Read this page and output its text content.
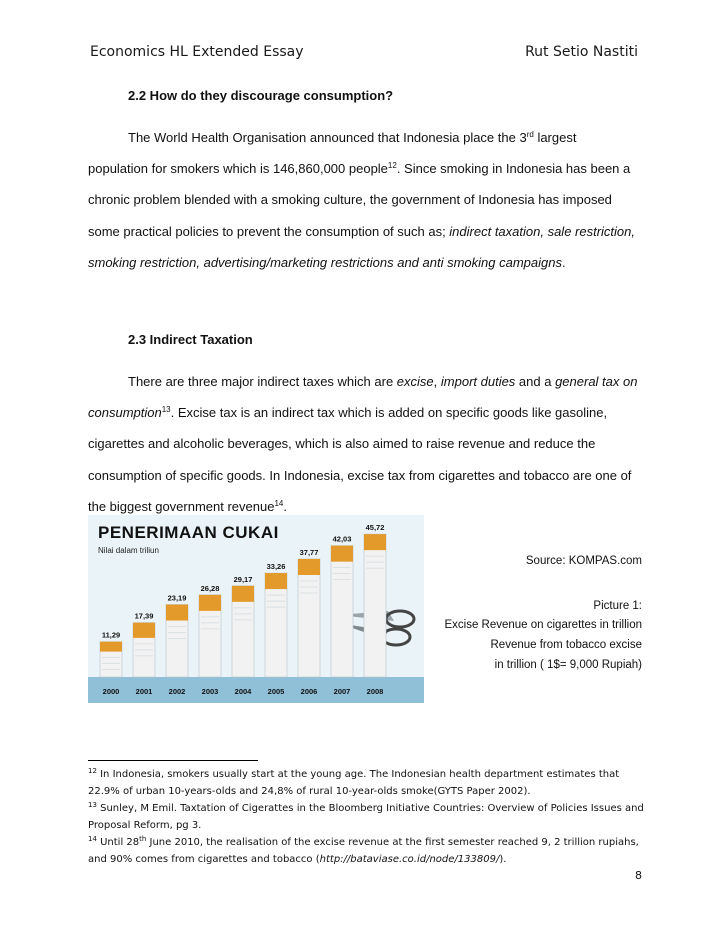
Economics HL Extended Essay	Rut Setio Nastiti
2.2 How do they discourage consumption?

The World Health Organisation announced that Indonesia place the 3rd largest population for smokers which is 146,860,000 people$^{12}$. Since smoking in Indonesia has been a chronic problem blended with a smoking culture, the government of Indonesia has imposed some practical policies to prevent the consumption of such as; indirect taxation, sale restriction, smoking restriction, advertising/marketing restrictions and anti smoking campaigns.

2.3 Indirect Taxation

There are three major indirect taxes which are excise, import duties and a general tax on consumption$^{13}$. Excise tax is an indirect tax which is added on specific goods like gasoline, cigarettes and alcoholic beverages, which is also aimed to raise revenue and reduce the consumption of specific goods. In Indonesia, excise tax from cigarettes and tobacco are one of the biggest government revenue$^{14}$.

11,29
2000
17,39
2001
23,19
2002
26,28
2003
29,17
2004
33,26
2005
37,77
2006
42,03
2007
45,72
2008
PENERIMAAN CUKAI
Nilai dalam triliun
Source: KOMPAS.com
Picture 1:
Excise Revenue on cigarettes in trillion
Revenue from tobacco excise
in trillion ( 1$= 9,000 Rupiah)

$^{12}$ In Indonesia, smokers usually start at the young age. The Indonesian health department estimates that 22.9% of urban 10-years-olds and 24,8% of rural 10-year-olds smoke(GYTS Paper 2002).

$^{13}$ Sunley, M Emil. Taxtation of Cigerattes in the Bloomberg Initiative Countries: Overview of Policies Issues and Proposal Reform, pg 3.

$^{14}$ Until 28th June 2010, the realisation of the excise revenue at the first semester reached 9, 2 trillion rupiahs, and 90% comes from cigarettes and tobacco (http://bataviase.co.id/node/133809/).

8
